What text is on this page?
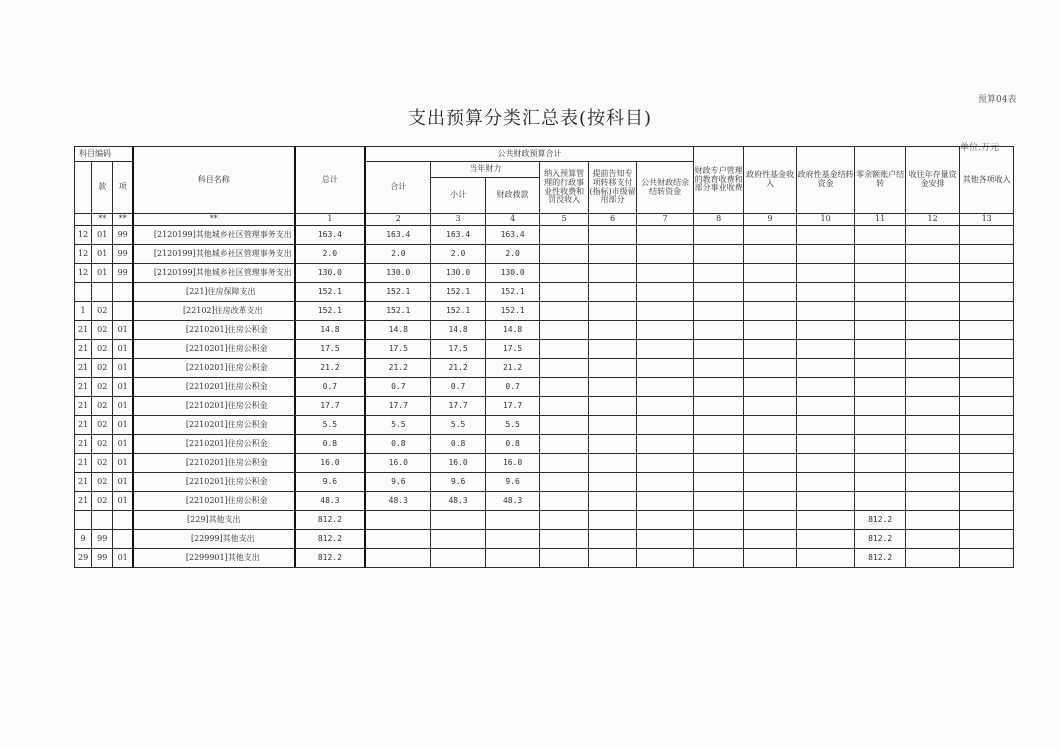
预算04表
支出预算分类汇总表(按科目)
单位:万元
科目编码			科目名称	总计	公共财政预算合计						财政专户管理的教育收费和部分事业收费	政府性基金收入	政府性基金结转资金	零余额账户结转	收往年存量资金安排	其他各项收入
	款	项			合计	当年财力		纳入预算管理的行政事业性收费和罚没收入	提前告知专项转移支付(指标)市级留用部分	公共财政结余结转资金						
						小计	财政拨款									
	**	**	**	1	2	3	4	5	6	7	8	9	10	11	12	13
12	01	99	[2120199]其他城乡社区管理事务支出	163.4	163.4	163.4	163.4									
12	01	99	[2120199]其他城乡社区管理事务支出	2.0	2.0	2.0	2.0									
12	01	99	[2120199]其他城乡社区管理事务支出	130.0	130.0	130.0	130.0									
			[221]住房保障支出	152.1	152.1	152.1	152.1									
1	02		[22102]住房改革支出	152.1	152.1	152.1	152.1									
21	02	01	[2210201]住房公积金	14.8	14.8	14.8	14.8									
21	02	01	[2210201]住房公积金	17.5	17.5	17.5	17.5									
21	02	01	[2210201]住房公积金	21.2	21.2	21.2	21.2									
21	02	01	[2210201]住房公积金	0.7	0.7	0.7	0.7									
21	02	01	[2210201]住房公积金	17.7	17.7	17.7	17.7									
21	02	01	[2210201]住房公积金	5.5	5.5	5.5	5.5									
21	02	01	[2210201]住房公积金	0.8	0.8	0.8	0.8									
21	02	01	[2210201]住房公积金	16.0	16.0	16.0	16.0									
21	02	01	[2210201]住房公积金	9.6	9.6	9.6	9.6									
21	02	01	[2210201]住房公积金	48.3	48.3	48.3	48.3									
			[229]其他支出	812.2										812.2		
9	99		[22999]其他支出	812.2										812.2		
29	99	01	[2299901]其他支出	812.2										812.2		
